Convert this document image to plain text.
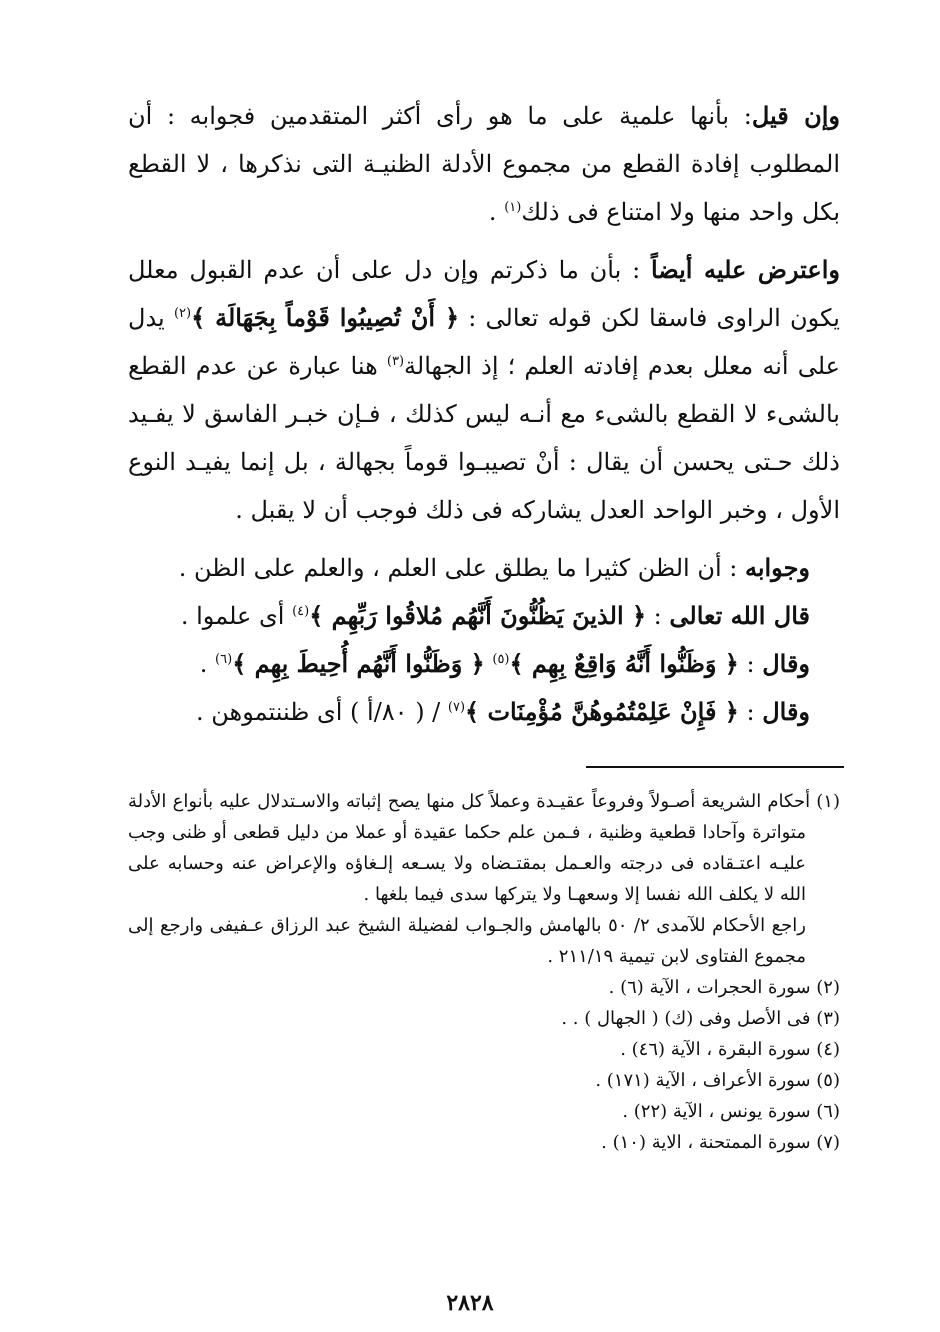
وإن قيل: بأنها علمية على ما هو رأى أكثر المتقدمين فجوابه : أن المطلوب إفادة القطع من مجموع الأدلة الظنيـة التى نذكرها ، لا القطع بكل واحد منها ولا امتناع فى ذلك$^{(١)}$ .

واعترض عليه أيضاً : بأن ما ذكرتم وإن دل على أن عدم القبول معلل يكون الراوى فاسقا لكن قوله تعالى : ﴿ أَنْ تُصِيبُوا قَوْماً بِجَهَالَة ﴾$^{(٢)}$ يدل على أنه معلل بعدم إفادته العلم ؛ إذ الجهالة$^{(٣)}$ هنا عبارة عن عدم القطع بالشىء لا القطع بالشىء مع أنـه ليس كذلك ، فـإن خبـر الفاسق لا يفـيد ذلك حـتى يحسن أن يقال : أنْ تصيبـوا قوماً بجهالة ، بل إنما يفيـد النوع الأول ، وخبر الواحد العدل يشاركه فى ذلك فوجب أن لا يقبل .

وجوابه : أن الظن كثيرا ما يطلق على العلم ، والعلم على الظن .

قال الله تعالى : ﴿ الذينَ يَظُنُّونَ أَنَّهُم مُلاقُوا رَبِّهِم ﴾$^{(٤)}$ أى علموا .

وقال : ﴿ وَظَنُّوا أَنَّهُ وَاقِعٌ بِهِم ﴾$^{(٥)}$ ﴿ وَظَنُّوا أَنَّهُم أُحِيطَ بِهِم ﴾$^{(٦)}$ .

وقال : ﴿ فَإِنْ عَلِمْتُمُوهُنَّ مُؤْمِنَات ﴾$^{(٧)}$ / ( ٨٠/أ ) أى ظننتموهن .

(١) أحكام الشريعة أصـولاً وفروعاً عقيـدة وعملاً كل منها يصح إثباته والاسـتدلال عليه بأنواع الأدلة متواترة وآحادا قطعية وظنية ، فـمن علم حكما عقيدة أو عملا من دليل قطعى أو ظنى وجب عليـه اعتـقاده فى درجته والعـمل بمقتـضاه ولا يسـعه إلـغاؤه والإعراض عنه وحسابه على الله لا يكلف الله نفسا إلا وسعهـا ولا يتركها سدى فيما بلغها .

راجع الأحكام للآمدى ٢/ ٥٠ بالهامش والجـواب لفضيلة الشيخ عبد الرزاق عـفيفى وارجع إلى مجموع الفتاوى لابن تيمية ٢١١/١٩ .

(٢) سورة الحجرات ، الآية (٦) .

(٣) فى الأصل وفى (ك) ( الجهال ) . .

(٤) سورة البقرة ، الآية (٤٦) .

(٥) سورة الأعراف ، الآية (١٧١) .

(٦) سورة يونس ، الآية (٢٢) .

(٧) سورة الممتحنة ، الاية (١٠) .

٢٨٢٨
